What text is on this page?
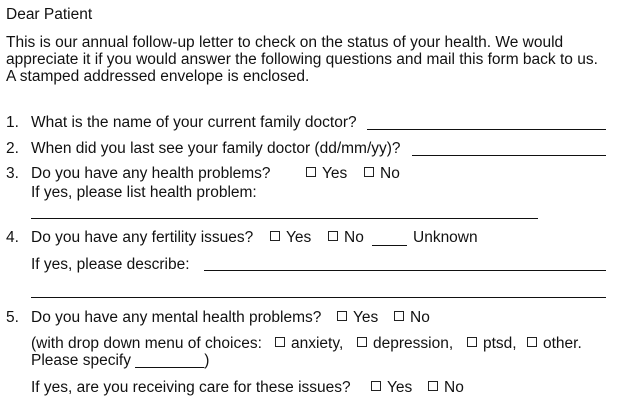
Dear Patient
This is our annual follow-up letter to check on the status of your health. We would
appreciate it if you would answer the following questions and mail this form back to us.
A stamped addressed envelope is enclosed.
1. What is the name of your current family doctor?
2. When did you last see your family doctor (dd/mm/yy)?
3. Do you have any health problems?	Yes	No
If yes, please list health problem:
4. Do you have any fertility issues?	Yes	No	Unknown
If yes, please describe:
5. Do you have any mental health problems?	Yes	No
(with drop down menu of choices:	anxiety,	depression,	ptsd,	other.
Please specify ________)
If yes, are you receiving care for these issues?	Yes	No
